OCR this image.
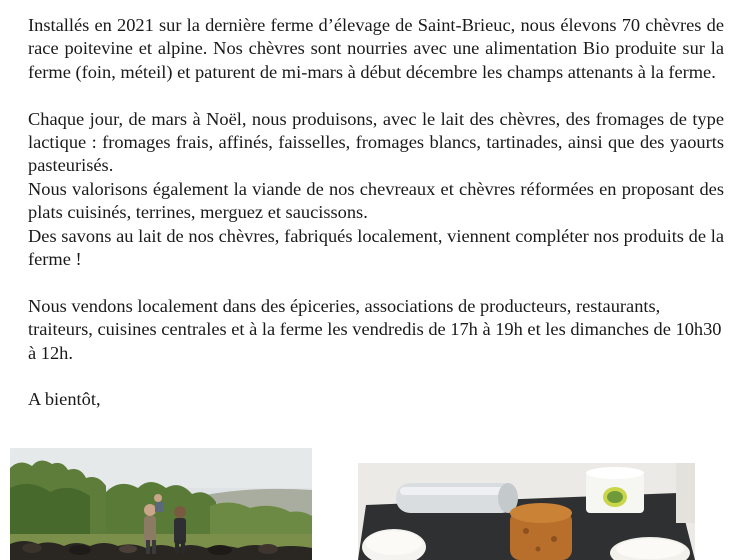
Installés en 2021 sur la dernière ferme d’élevage de Saint-Brieuc, nous élevons 70 chèvres de race poitevine et alpine. Nos chèvres sont nourries avec une alimentation Bio produite sur la ferme (foin, méteil) et paturent de mi-mars à début décembre les champs attenants à la ferme.

Chaque jour, de mars à Noël, nous produisons, avec le lait des chèvres, des fromages de type lactique : fromages frais, affinés, faisselles, fromages blancs, tartinades, ainsi que des yaourts pasteurisés.

Nous valorisons également la viande de nos chevreaux et chèvres réformées en proposant des plats cuisinés, terrines, merguez et saucissons.

Des savons au lait de nos chèvres, fabriqués localement, viennent compléter nos produits de la ferme !

Nous vendons localement dans des épiceries, associations de producteurs, restaurants, traiteurs, cuisines centrales et à la ferme les vendredis de 17h à 19h et les dimanches de 10h30 à 12h.

A bientôt,
